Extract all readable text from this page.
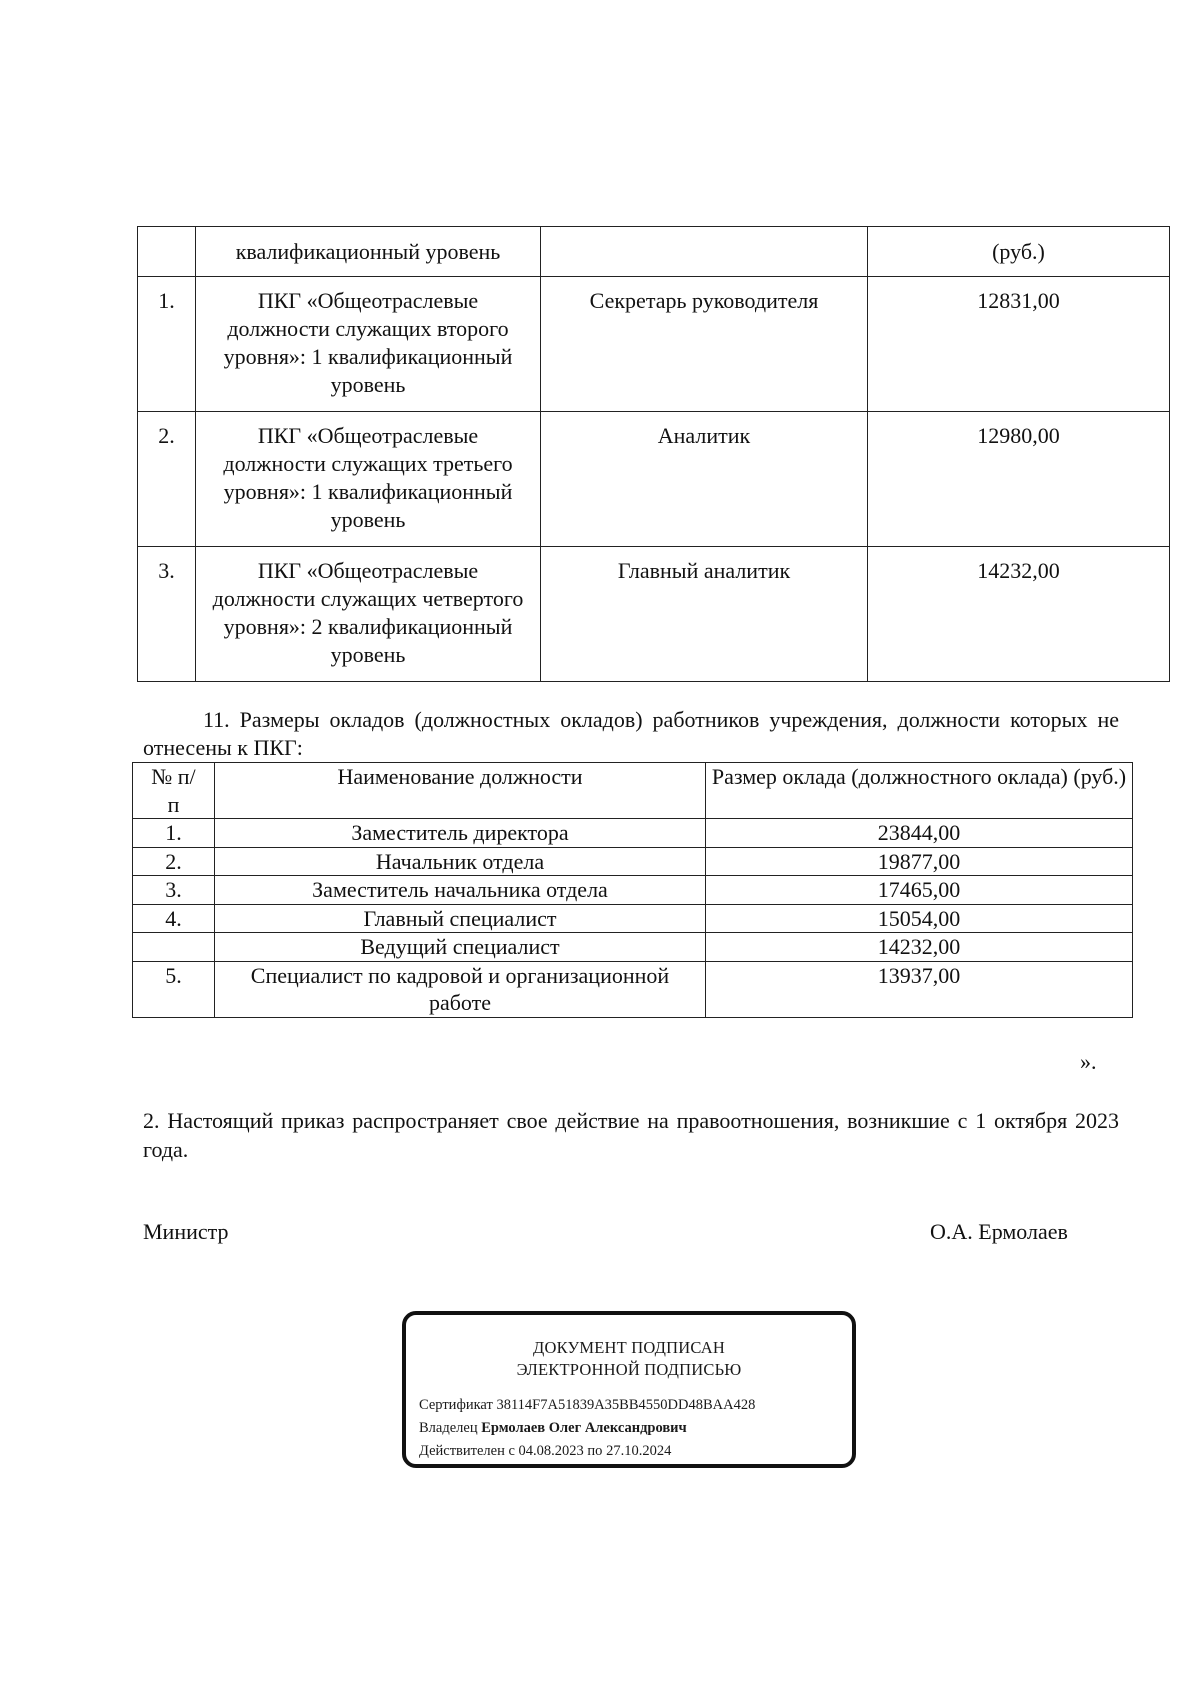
	квалификационный уровень		(руб.)
1.	ПКГ «Общеотраслевые должности служащих второго уровня»: 1 квалификационный уровень	Секретарь руководителя	12831,00
2.	ПКГ «Общеотраслевые должности служащих третьего уровня»: 1 квалификационный уровень	Аналитик	12980,00
3.	ПКГ «Общеотраслевые должности служащих четвертого уровня»: 2 квалификационный уровень	Главный аналитик	14232,00
11. Размеры окладов (должностных окладов) работников учреждения, должности которых не отнесены к ПКГ:
№ п/п	Наименование должности	Размер оклада (должностного оклада) (руб.)
1.	Заместитель директора	23844,00
2.	Начальник отдела	19877,00
3.	Заместитель начальника отдела	17465,00
4.	Главный специалист	15054,00
	Ведущий специалист	14232,00
5.	Специалист по кадровой и организационной работе	13937,00
».
2. Настоящий приказ распространяет свое действие на правоотношения, возникшие с 1 октября 2023 года.
Министр	О.А. Ермолаев
ДОКУМЕНТ ПОДПИСАН
ЭЛЕКТРОННОЙ ПОДПИСЬЮ
Сертификат 38114F7A51839A35BB4550DD48BAA428
Владелец Ермолаев Олег Александрович
Действителен с 04.08.2023 по 27.10.2024
